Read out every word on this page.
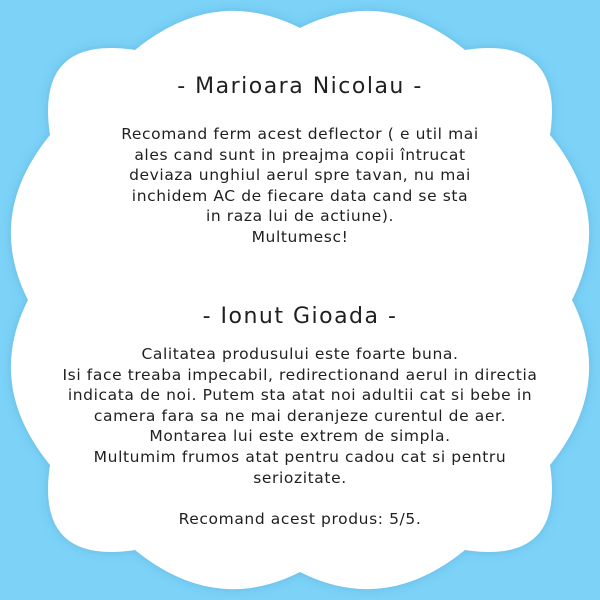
- Marioara Nicolau -
Recomand ferm acest deflector ( e util mai
ales cand sunt in preajma copii întrucat
deviaza unghiul aerul spre tavan, nu mai
inchidem AC de fiecare data cand se sta
in raza lui de actiune).
Multumesc!
- Ionut Gioada -
Calitatea produsului este foarte buna.
Isi face treaba impecabil, redirectionand aerul in directia
indicata de noi. Putem sta atat noi adultii cat si bebe in
camera fara sa ne mai deranjeze curentul de aer.
Montarea lui este extrem de simpla.
Multumim frumos atat pentru cadou cat si pentru
seriozitate.
Recomand acest produs: 5/5.
